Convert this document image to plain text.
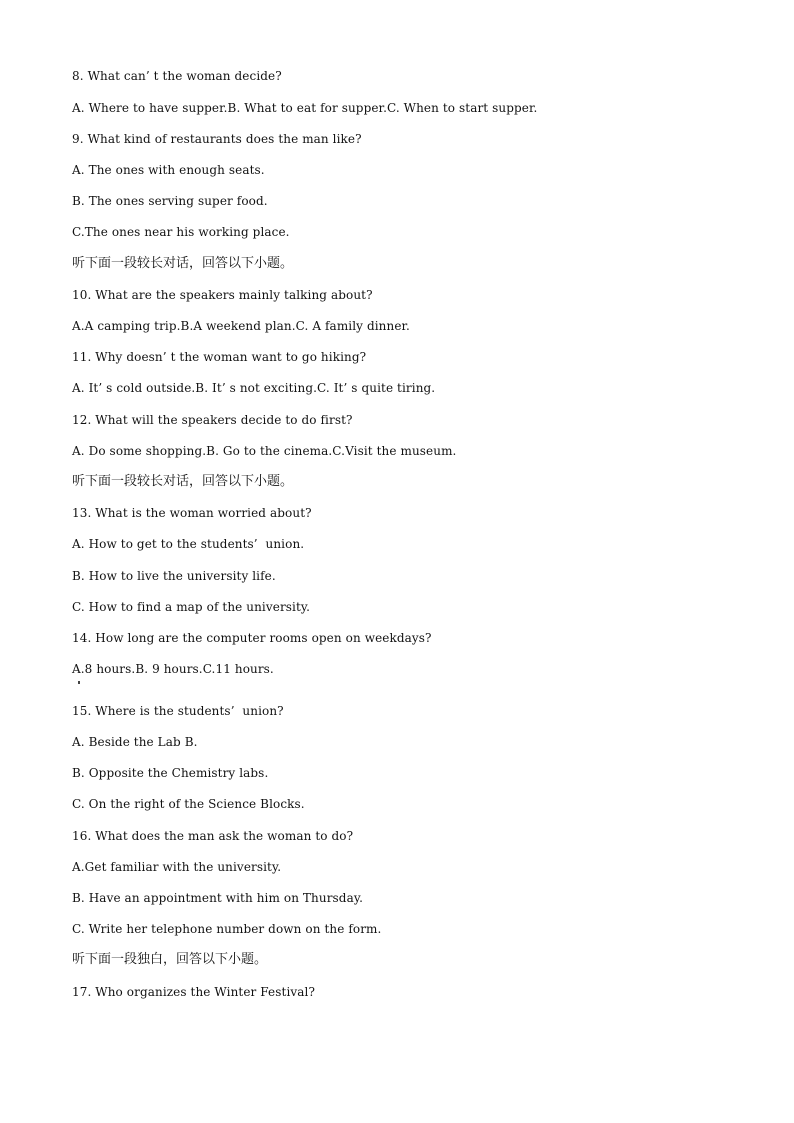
8. What can’ t the woman decide?
A. Where to have supper.B. What to eat for supper.C. When to start supper.
9. What kind of restaurants does the man like?
A. The ones with enough seats.
B. The ones serving super food.
C.The ones near his working place.
听下面一段较长对话，回答以下小题。
10. What are the speakers mainly talking about?
A.A camping trip.B.A weekend plan.C. A family dinner.
11. Why doesn’ t the woman want to go hiking?
A. It’ s cold outside.B. It’ s not exciting.C. It’ s quite tiring.
12. What will the speakers decide to do first?
A. Do some shopping.B. Go to the cinema.C.Visit the museum.
听下面一段较长对话，回答以下小题。
13. What is the woman worried about?
A. How to get to the students’  union.
B. How to live the university life.
C. How to find a map of the university.
14. How long are the computer rooms open on weekdays?
A.8 hours.B. 9 hours.C.11 hours.
15. Where is the students’  union?
A. Beside the Lab B.
B. Opposite the Chemistry labs.
C. On the right of the Science Blocks.
16. What does the man ask the woman to do?
A.Get familiar with the university.
B. Have an appointment with him on Thursday.
C. Write her telephone number down on the form.
听下面一段独白，回答以下小题。
17. Who organizes the Winter Festival?
